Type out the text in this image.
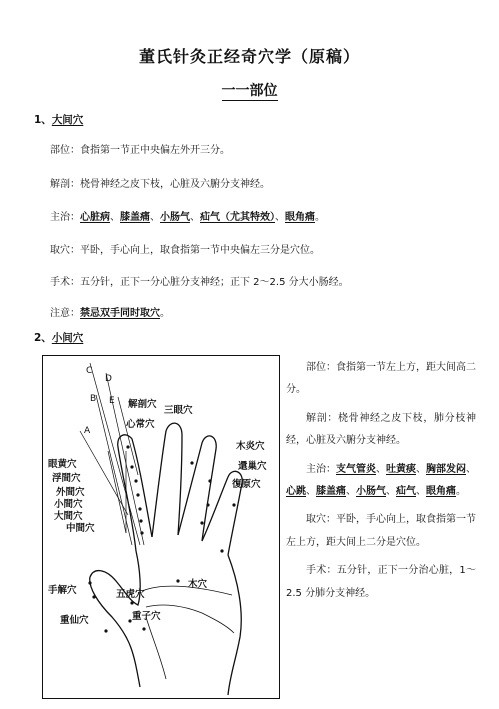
董氏针灸正经奇穴学（原稿）
一一部位
1、大间穴
部位：食指第一节正中央偏左外开三分。
解剖：桡骨神经之皮下枝，心脏及六腑分支神经。
主治：心脏病、膝盖痛、小肠气、疝气（尤其特效）、眼角痛。
取穴：平卧，手心向上，取食指第一节中央偏左三分是穴位。
手术：五分针，正下一分心脏分支神经；正下 2～2.5 分大小肠经。
注意：禁忌双手同时取穴。
2、小间穴
C
D
B E
A
解剖穴
三眼穴
心常穴
木炎穴
還巢穴
復原穴
眼黄穴
浮間穴
外間穴
小間穴
大間穴
中間穴
木穴
手解穴	五虎穴
重子穴
重仙穴

部位：食指第一节左上方，距大间高二分。

解剖：桡骨神经之皮下枝，肺分枝神经，心脏及六腑分支神经。

主治：支气管炎、吐黄痰、胸部发闷、心跳、膝盖痛、小肠气、疝气、眼角痛。

取穴：平卧，手心向上，取食指第一节左上方，距大间上二分是穴位。

手术：五分针，正下一分治心脏，1～2.5 分肺分支神经。
